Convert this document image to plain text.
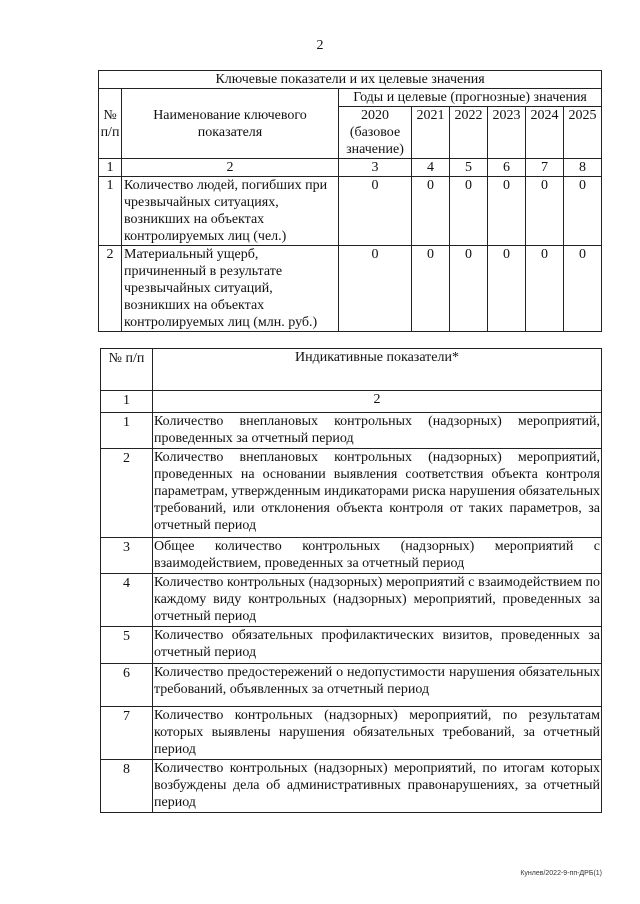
2
Ключевые показатели и их целевые значения							
№ п/п	Наименование ключевого показателя	Годы и целевые (прогнозные) значения					
		2020 (базовое значение)	2021	2022	2023	2024	2025
1	2	3	4	5	6	7	8
1	Количество людей, погибших при чрезвычайных ситуациях, возникших на объектах контролируемых лиц (чел.)	0	0	0	0	0	0
2	Материальный ущерб, причиненный в результате чрезвычайных ситуаций, возникших на объектах контролируемых лиц (млн. руб.)	0	0	0	0	0	0
№ п/п	Индикативные показатели*
1	2
1	Количество внеплановых контрольных (надзорных) мероприятий, проведенных за отчетный период
2	Количество внеплановых контрольных (надзорных) мероприятий, проведенных на основании выявления соответствия объекта контроля параметрам, утвержденным индикаторами риска нарушения обязательных требований, или отклонения объекта контроля от таких параметров, за отчетный период
3	Общее количество контрольных (надзорных) мероприятий с взаимодействием, проведенных за отчетный период
4	Количество контрольных (надзорных) мероприятий с взаимодействием по каждому виду контрольных (надзорных) мероприятий, проведенных за отчетный период
5	Количество обязательных профилактических визитов, проведенных за отчетный период
6	Количество предостережений о недопустимости нарушения обязательных требований, объявленных за отчетный период
7	Количество контрольных (надзорных) мероприятий, по результатам которых выявлены нарушения обязательных требований, за отчетный период
8	Количество контрольных (надзорных) мероприятий, по итогам которых возбуждены дела об административных правонарушениях, за отчетный период
Кунлев/2022-9-пп-ДРБ(1)
